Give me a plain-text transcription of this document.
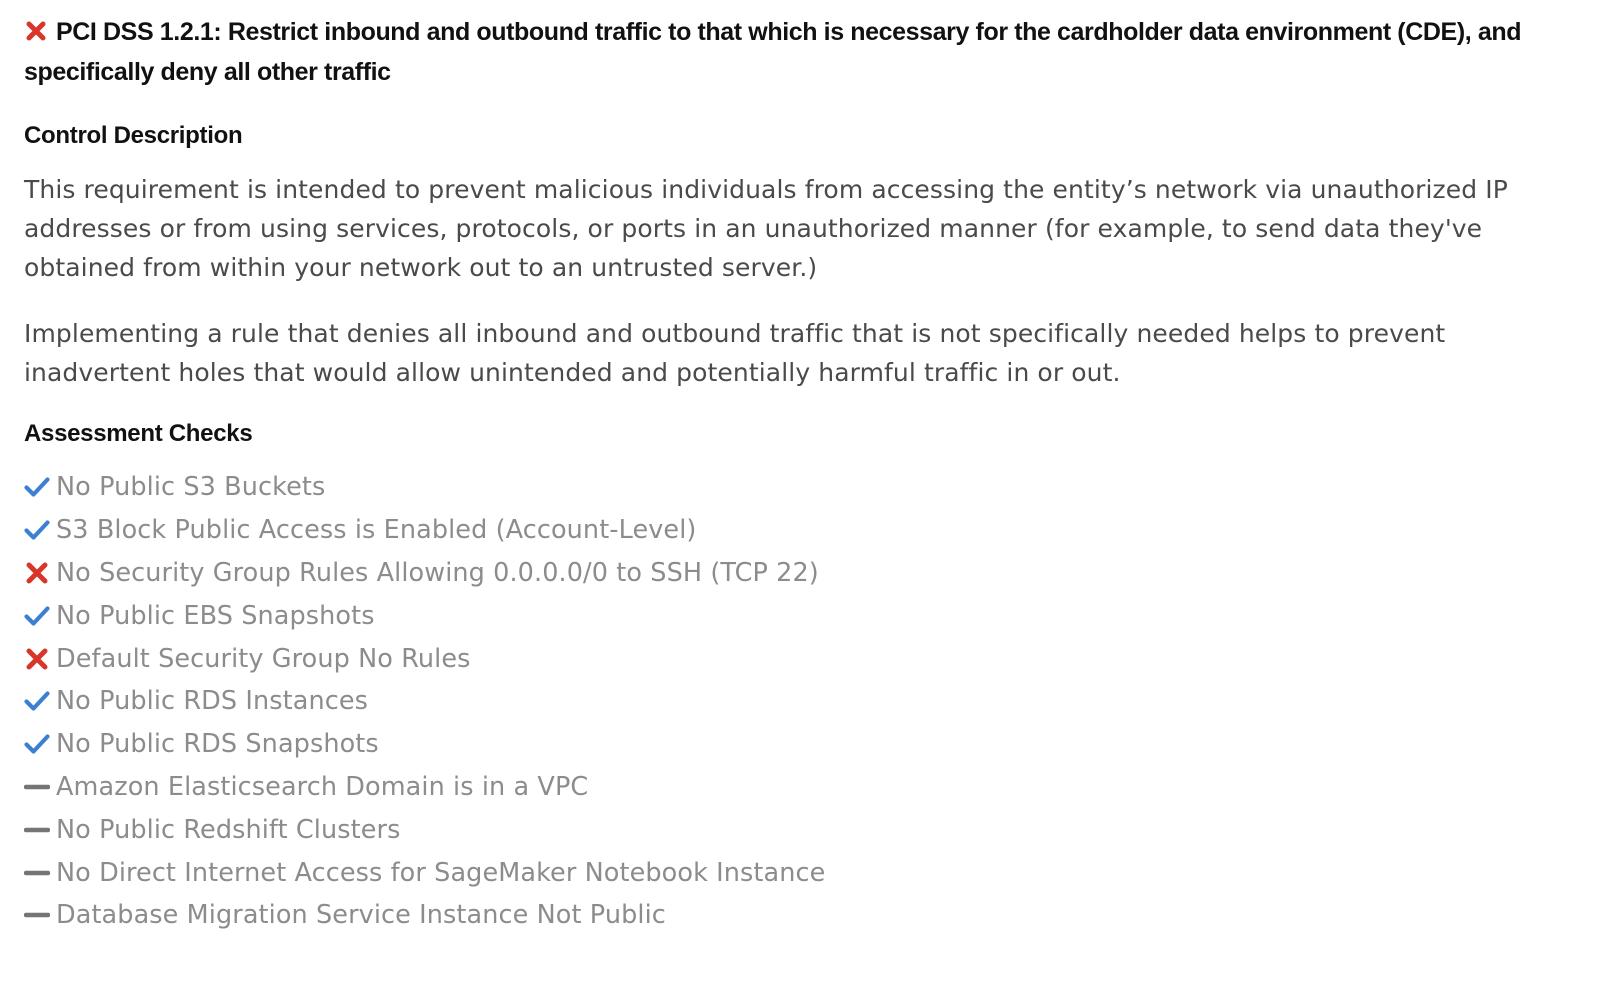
PCI DSS 1.2.1: Restrict inbound and outbound traffic to that which is necessary for the cardholder data environment (CDE), and specifically deny all other traffic
Control Description

This requirement is intended to prevent malicious individuals from accessing the entity’s network via unauthorized IP addresses or from using services, protocols, or ports in an unauthorized manner (for example, to send data they've obtained from within your network out to an untrusted server.)

Implementing a rule that denies all inbound and outbound traffic that is not specifically needed helps to prevent inadvertent holes that would allow unintended and potentially harmful traffic in or out.

Assessment Checks
No Public S3 Buckets
S3 Block Public Access is Enabled (Account-Level)
No Security Group Rules Allowing 0.0.0.0/0 to SSH (TCP 22)
No Public EBS Snapshots
Default Security Group No Rules
No Public RDS Instances
No Public RDS Snapshots
Amazon Elasticsearch Domain is in a VPC
No Public Redshift Clusters
No Direct Internet Access for SageMaker Notebook Instance
Database Migration Service Instance Not Public
